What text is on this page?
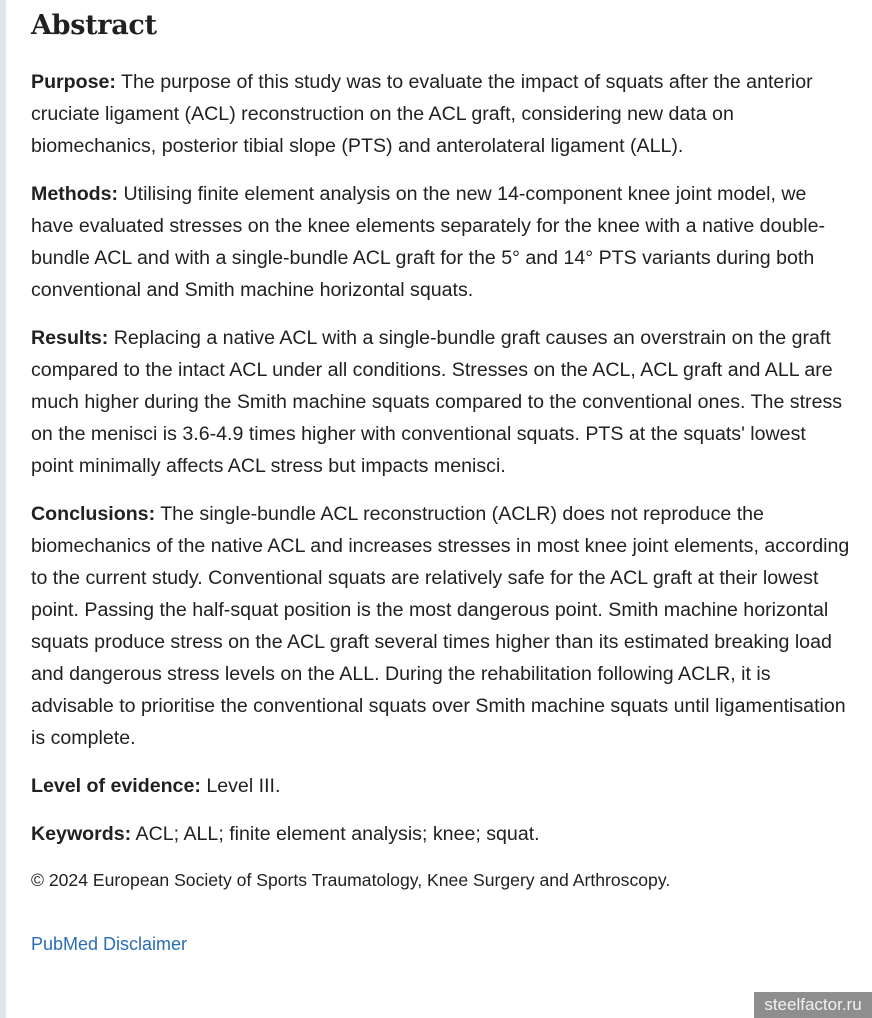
Abstract

Purpose: The purpose of this study was to evaluate the impact of squats after the anterior cruciate ligament (ACL) reconstruction on the ACL graft, considering new data on biomechanics, posterior tibial slope (PTS) and anterolateral ligament (ALL).

Methods: Utilising finite element analysis on the new 14-component knee joint model, we have evaluated stresses on the knee elements separately for the knee with a native double-bundle ACL and with a single-bundle ACL graft for the 5° and 14° PTS variants during both conventional and Smith machine horizontal squats.

Results: Replacing a native ACL with a single-bundle graft causes an overstrain on the graft compared to the intact ACL under all conditions. Stresses on the ACL, ACL graft and ALL are much higher during the Smith machine squats compared to the conventional ones. The stress on the menisci is 3.6-4.9 times higher with conventional squats. PTS at the squats' lowest point minimally affects ACL stress but impacts menisci.

Conclusions: The single-bundle ACL reconstruction (ACLR) does not reproduce the biomechanics of the native ACL and increases stresses in most knee joint elements, according to the current study. Conventional squats are relatively safe for the ACL graft at their lowest point. Passing the half-squat position is the most dangerous point. Smith machine horizontal squats produce stress on the ACL graft several times higher than its estimated breaking load and dangerous stress levels on the ALL. During the rehabilitation following ACLR, it is advisable to prioritise the conventional squats over Smith machine squats until ligamentisation is complete.

Level of evidence: Level III.

Keywords: ACL; ALL; finite element analysis; knee; squat.

© 2024 European Society of Sports Traumatology, Knee Surgery and Arthroscopy.

PubMed Disclaimer
steelfactor.ru
